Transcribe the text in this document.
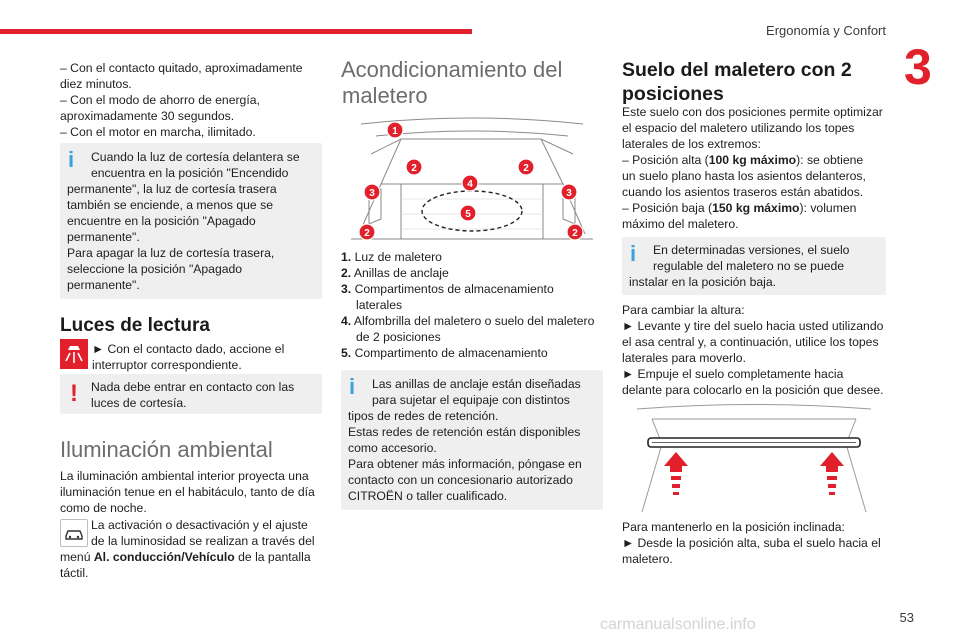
Ergonomía y Confort
3

– Con el contacto quitado, aproximadamente

diez minutos.

– Con el modo de ahorro de energía,

aproximadamente 30 segundos.

– Con el motor en marcha, ilimitado.

i Cuando la luz de cortesía delantera se

encuentra en la posición "Encendido

permanente", la luz de cortesía trasera

también se enciende, a menos que se

encuentre en la posición "Apagado

permanente".

Para apagar la luz de cortesía trasera,

seleccione la posición "Apagado

permanente".

Luces de lectura

► Con el contacto dado, accione el

interruptor correspondiente.

! Nada debe entrar en contacto con las

luces de cortesía.

Iluminación ambiental

La iluminación ambiental interior proyecta una

iluminación tenue en el habitáculo, tanto de día

como de noche.

La activación o desactivación y el ajuste

de la luminosidad se realizan a través del

menú Al. conducción/Vehículo de la pantalla

táctil.

Acondicionamiento del
maletero
1
2	2
3	3
4
5
2	2

1. Luz de maletero

2. Anillas de anclaje

3. Compartimentos de almacenamiento

laterales

4. Alfombrilla del maletero o suelo del maletero

de 2 posiciones

5. Compartimento de almacenamiento

i Las anillas de anclaje están diseñadas

para sujetar el equipaje con distintos

tipos de redes de retención.

Estas redes de retención están disponibles

como accesorio.

Para obtener más información, póngase en

contacto con un concesionario autorizado

CITROËN o taller cualificado.

Suelo del maletero con 2
posiciones

Este suelo con dos posiciones permite optimizar

el espacio del maletero utilizando los topes

laterales de los extremos:

– Posición alta (100 kg máximo): se obtiene

un suelo plano hasta los asientos delanteros,

cuando los asientos traseros están abatidos.

– Posición baja (150 kg máximo): volumen

máximo del maletero.

i En determinadas versiones, el suelo

regulable del maletero no se puede

instalar en la posición baja.

Para cambiar la altura:

► Levante y tire del suelo hacia usted utilizando

el asa central y, a continuación, utilice los topes

laterales para moverlo.

► Empuje el suelo completamente hacia

delante para colocarlo en la posición que desee.

Para mantenerlo en la posición inclinada:

► Desde la posición alta, suba el suelo hacia el

maletero.

53
carmanualsonline.info
